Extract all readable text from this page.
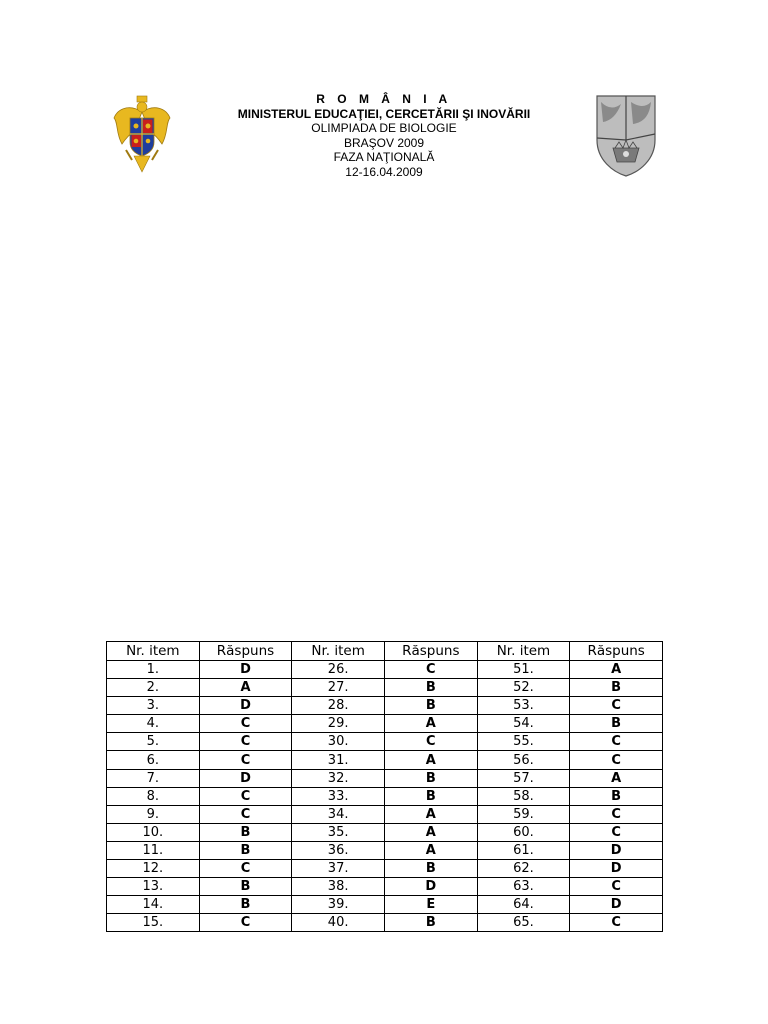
R O M Â N I A
MINISTERUL EDUCAŢIEI, CERCETĂRII ŞI INOVĂRII
OLIMPIADA DE BIOLOGIE
BRAŞOV 2009
FAZA NAŢIONALĂ
12-16.04.2009
Nr. item	Răspuns	Nr. item	Răspuns	Nr. item	Răspuns
1.	D	26.	C	51.	A
2.	A	27.	B	52.	B
3.	D	28.	B	53.	C
4.	C	29.	A	54.	B
5.	C	30.	C	55.	C
6.	C	31.	A	56.	C
7.	D	32.	B	57.	A
8.	C	33.	B	58.	B
9.	C	34.	A	59.	C
10.	B	35.	A	60.	C
11.	B	36.	A	61.	D
12.	C	37.	B	62.	D
13.	B	38.	D	63.	C
14.	B	39.	E	64.	D
15.	C	40.	B	65.	C
